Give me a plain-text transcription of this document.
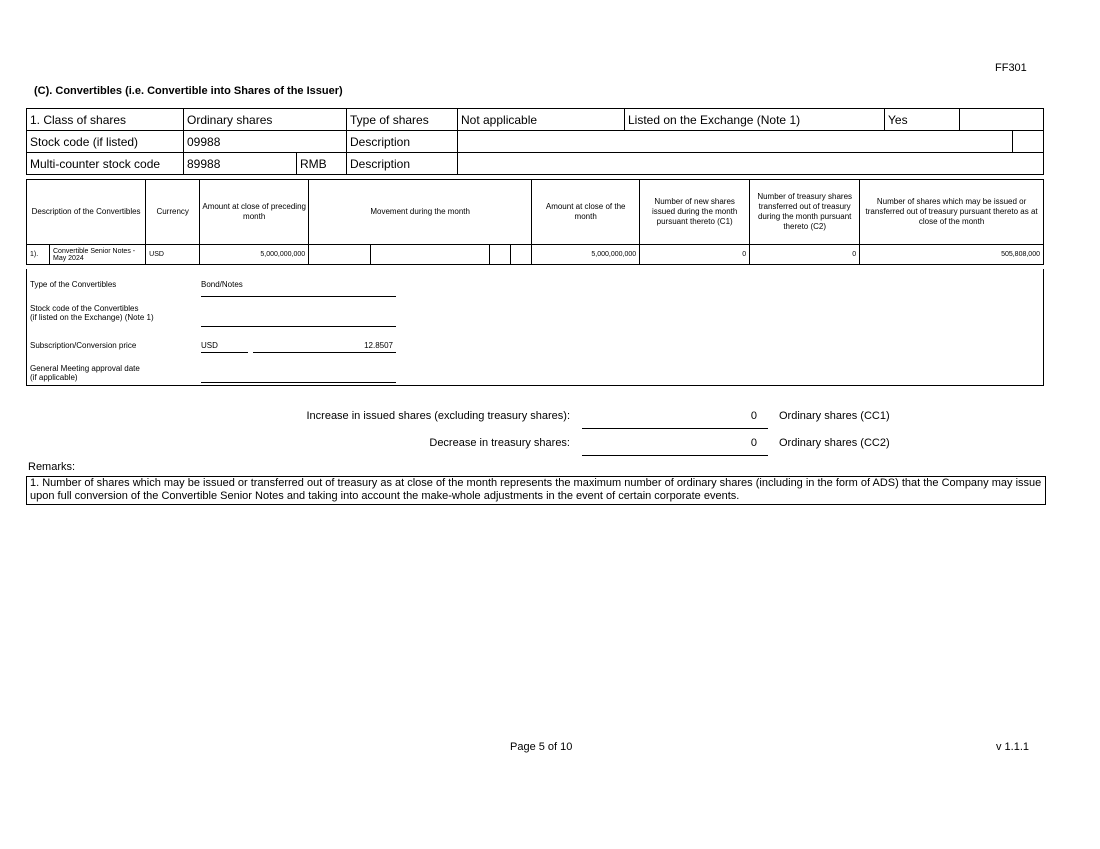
FF301
(C). Convertibles (i.e. Convertible into Shares of the Issuer)
1. Class of shares	Ordinary shares		Type of shares	Not applicable	Listed on the Exchange (Note 1)	Yes		
Stock code (if listed)	09988		Description					
Multi-counter stock code	89988	RMB	Description					
Description of the Convertibles		Currency	Amount at close of preceding month	Movement during the month				Amount at close of the month	Number of new shares issued during the month pursuant thereto (C1)	Number of treasury shares transferred out of treasury during the month pursuant thereto (C2)	Number of shares which may be issued or transferred out of treasury pursuant thereto as at close of the month
1).	Convertible Senior Notes - May 2024	USD	5,000,000,000					5,000,000,000	0	0	505,808,000
Type of the Convertibles	Bond/Notes
Stock code of the Convertibles
(if listed on the Exchange) (Note 1)
Subscription/Conversion price	USD	12.8507
General Meeting approval date
(if applicable)
Increase in issued shares (excluding treasury shares):	0 Ordinary shares (CC1)
Decrease in treasury shares:	0 Ordinary shares (CC2)
Remarks:
1. Number of shares which may be issued or transferred out of treasury as at close of the month represents the maximum number of ordinary shares (including in the form of ADS) that the Company may issue upon full conversion of the Convertible Senior Notes and taking into account the make-whole adjustments in the event of certain corporate events.
Page 5 of 10	v 1.1.1
